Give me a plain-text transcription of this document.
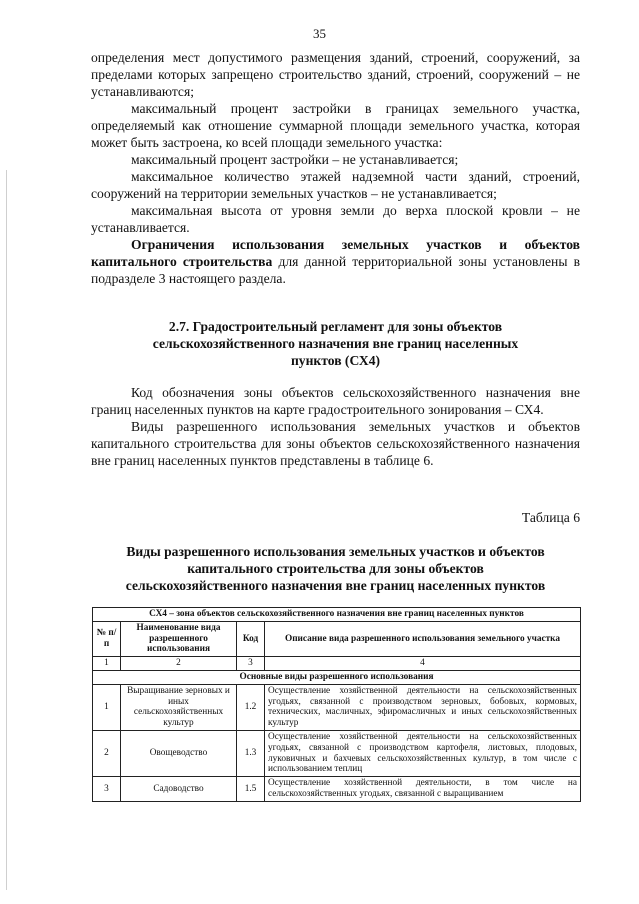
35

определения мест допустимого размещения зданий, строений, сооружений, за пределами которых запрещено строительство зданий, строений, сооружений – не устанавливаются;

максимальный процент застройки в границах земельного участка, определяемый как отношение суммарной площади земельного участка, которая может быть застроена, ко всей площади земельного участка:

максимальный процент застройки – не устанавливается;

максимальное количество этажей надземной части зданий, строений, сооружений на территории земельных участков – не устанавливается;

максимальная высота от уровня земли до верха плоской кровли – не устанавливается.

Ограничения использования земельных участков и объектов капитального строительства для данной территориальной зоны установлены в подразделе 3 настоящего раздела.

2.7. Градостроительный регламент для зоны объектов
сельскохозяйственного назначения вне границ населенных
пунктов (СХ4)

Код обозначения зоны объектов сельскохозяйственного назначения вне границ населенных пунктов на карте градостроительного зонирования – СХ4.

Виды разрешенного использования земельных участков и объектов капитального строительства для зоны объектов сельскохозяйственного назначения вне границ населенных пунктов представлены в таблице 6.

Таблица 6
Виды разрешенного использования земельных участков и объектов
капитального строительства для зоны объектов
сельскохозяйственного назначения вне границ населенных пунктов
СХ4 – зона объектов сельскохозяйственного назначения вне границ населенных пунктов			
№ п/п	Наименование вида разрешенного использования	Код	Описание вида разрешенного использования земельного участка
1	2	3	4
Основные виды разрешенного использования			
1	Выращивание зерновых и иных сельскохозяйственных культур	1.2	Осуществление хозяйственной деятельности на сельскохозяйственных угодьях, связанной с производством зерновых, бобовых, кормовых, технических, масличных, эфиромасличных и иных сельскохозяйственных культур
2	Овощеводство	1.3	Осуществление хозяйственной деятельности на сельскохозяйственных угодьях, связанной с производством картофеля, листовых, плодовых, луковичных и бахчевых сельскохозяйственных культур, в том числе с использованием теплиц
3	Садоводство	1.5	Осуществление хозяйственной деятельности, в том числе на сельскохозяйственных угодьях, связанной с выращиванием
